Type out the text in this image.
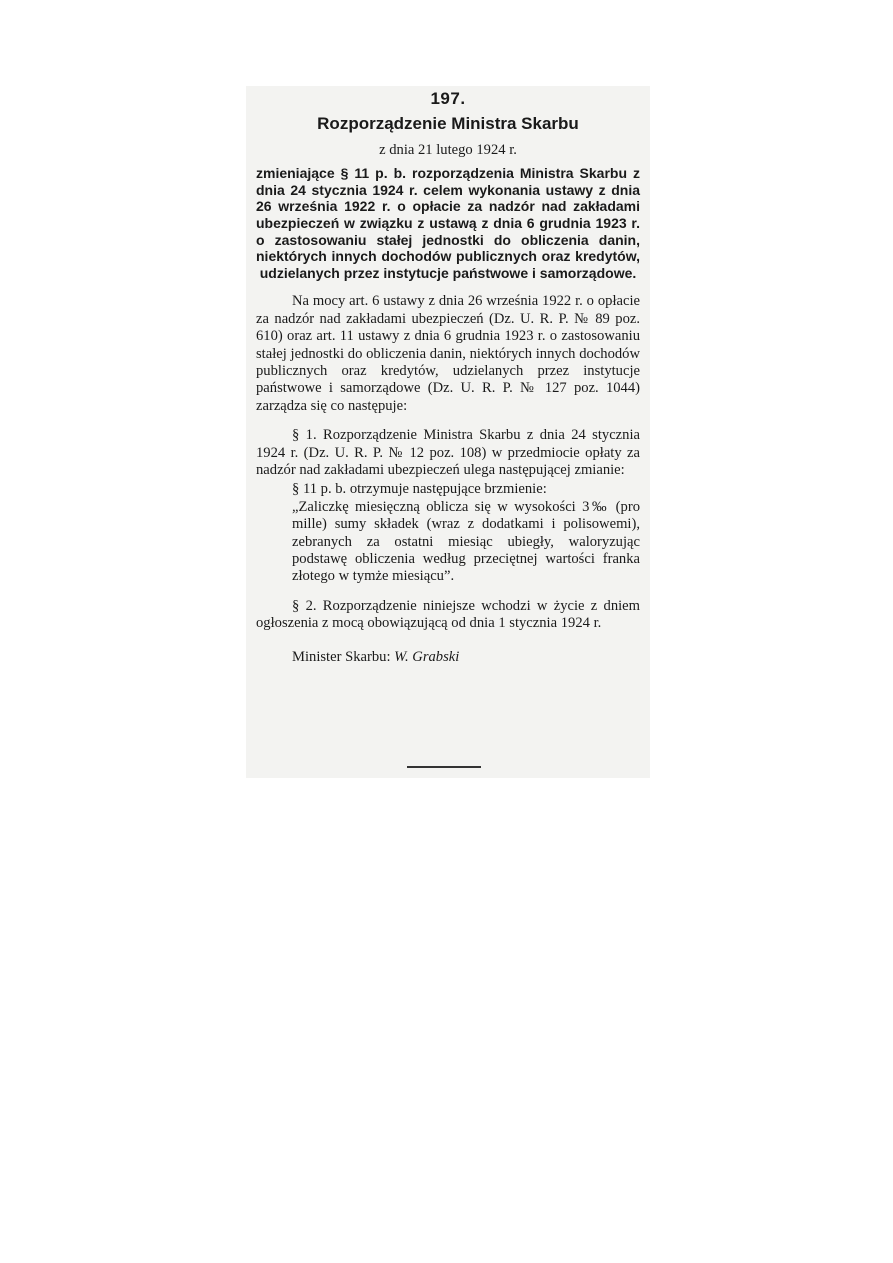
197.
Rozporządzenie Ministra Skarbu
z dnia 21 lutego 1924 r.
zmieniające § 11 p. b. rozporządzenia Ministra Skarbu z dnia 24 stycznia 1924 r. celem wykonania ustawy z dnia 26 września 1922 r. o opłacie za nadzór nad zakładami ubezpieczeń w związku z ustawą z dnia 6 grudnia 1923 r. o zastosowaniu stałej jednostki do obliczenia danin, niektórych innych dochodów publicznych oraz kredytów, udzielanych przez instytucje państwowe i samorządowe.
Na mocy art. 6 ustawy z dnia 26 września 1922 r. o opłacie za nadzór nad zakładami ubezpieczeń (Dz. U. R. P. № 89 poz. 610) oraz art. 11 ustawy z dnia 6 grudnia 1923 r. o zastosowaniu stałej jednostki do obliczenia danin, niektórych innych dochodów publicznych oraz kredytów, udzielanych przez instytucje państwowe i samorządowe (Dz. U. R. P. № 127 poz. 1044) zarządza się co następuje:
§ 1. Rozporządzenie Ministra Skarbu z dnia 24 stycznia 1924 r. (Dz. U. R. P. № 12 poz. 108) w przedmiocie opłaty za nadzór nad zakładami ubezpieczeń ulega następującej zmianie:
§ 11 p. b. otrzymuje następujące brzmienie:
„Zaliczkę miesięczną oblicza się w wysokości 3‰ (pro mille) sumy składek (wraz z dodatkami i polisowemi), zebranych za ostatni miesiąc ubiegły, waloryzując podstawę obliczenia według przeciętnej wartości franka złotego w tymże miesiącu”.
§ 2. Rozporządzenie niniejsze wchodzi w życie z dniem ogłoszenia z mocą obowiązującą od dnia 1 stycznia 1924 r.
Minister Skarbu: W. Grabski
